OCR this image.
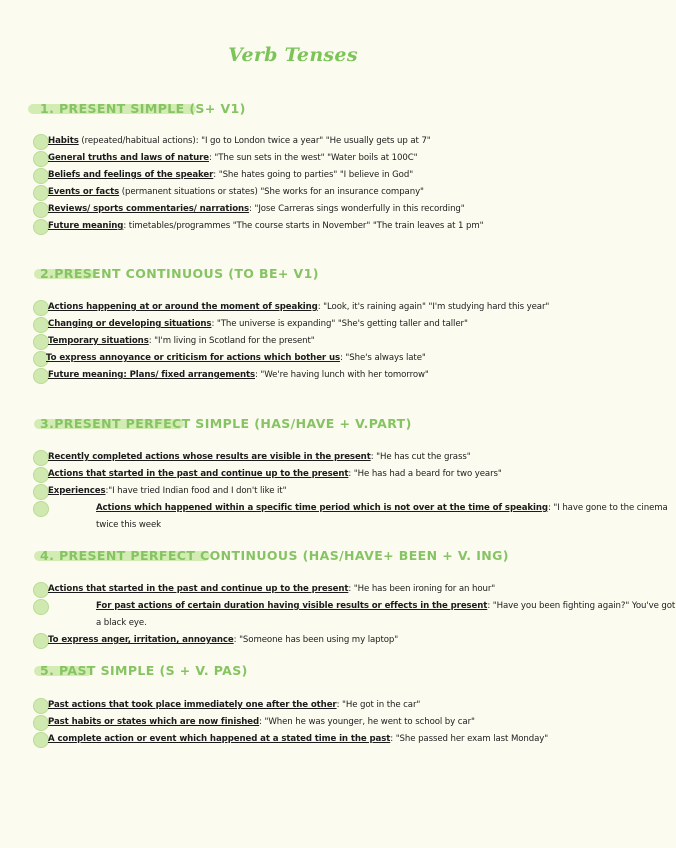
Verb Tenses
1. PRESENT SIMPLE (S+ V1)
Habits (repeated/habitual actions): "I go to London twice a year" "He usually gets up at 7"
General truths and laws of nature: "The sun sets in the west" "Water boils at 100C"
Beliefs and feelings of the speaker: "She hates going to parties" "I believe in God"
Events or facts (permanent situations or states) "She works for an insurance company"
Reviews/ sports commentaries/ narrations: "Jose Carreras sings wonderfully in this recording"
Future meaning: timetables/programmes "The course starts in November" "The train leaves at 1 pm"
2.PRESENT CONTINUOUS (TO BE+ V1)
Actions happening at or around the moment of speaking: "Look, it's raining again" "I'm studying hard this year"
Changing or developing situations: "The universe is expanding" "She's getting taller and taller"
Temporary situations: "I'm living in Scotland for the present"
To express annoyance or criticism for actions which bother us: "She's always late"
Future meaning: Plans/ fixed arrangements: "We're having lunch with her tomorrow"
3.PRESENT PERFECT SIMPLE (HAS/HAVE + V.PART)
Recently completed actions whose results are visible in the present: "He has cut the grass"
Actions that started in the past and continue up to the present: "He has had a beard for two years"
Experiences:"I have tried Indian food and I don't like it"
Actions which happened within a specific time period which is not over at the time of speaking: "I have gone to the cinema twice this week
4. PRESENT PERFECT CONTINUOUS (HAS/HAVE+ BEEN + V. ING)
Actions that started in the past and continue up to the present: "He has been ironing for an hour"
For past actions of certain duration having visible results or effects in the present: "Have you been fighting again?" You've got a black eye.
To express anger, irritation, annoyance: "Someone has been using my laptop"
5. PAST SIMPLE (S + V. PAS)
Past actions that took place immediately one after the other: "He got in the car"
Past habits or states which are now finished: "When he was younger, he went to school by car"
A complete action or event which happened at a stated time in the past: "She passed her exam last Monday"
